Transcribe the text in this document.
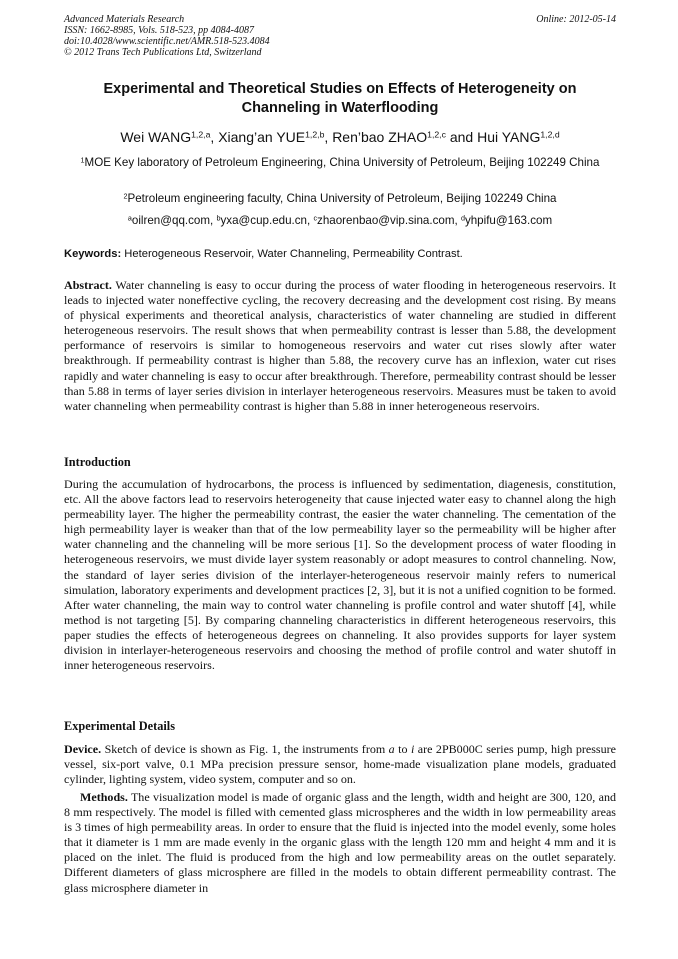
Advanced Materials Research
ISSN: 1662-8985, Vols. 518-523, pp 4084-4087
doi:10.4028/www.scientific.net/AMR.518-523.4084
© 2012 Trans Tech Publications Ltd, Switzerland
Online: 2012-05-14
Experimental and Theoretical Studies on Effects of Heterogeneity on Channeling in Waterflooding
Wei WANG$^{1,2,a}$, Xiang’an YUE$^{1,2,b}$, Ren’bao ZHAO$^{1,2,c}$ and Hui YANG$^{1,2,d}$
$^1$MOE Key laboratory of Petroleum Engineering, China University of Petroleum, Beijing 102249 China
$^2$Petroleum engineering faculty, China University of Petroleum, Beijing 102249 China
$^a$oilren@qq.com, $^b$yxa@cup.edu.cn, $^c$zhaorenbao@vip.sina.com, $^d$yhpifu@163.com
Keywords: Heterogeneous Reservoir, Water Channeling, Permeability Contrast.
Abstract. Water channeling is easy to occur during the process of water flooding in heterogeneous reservoirs. It leads to injected water noneffective cycling, the recovery decreasing and the development cost rising. By means of physical experiments and theoretical analysis, characteristics of water channeling are studied in different heterogeneous reservoirs. The result shows that when permeability contrast is lesser than 5.88, the development performance of reservoirs is similar to homogeneous reservoirs and water cut rises slowly after water breakthrough. If permeability contrast is higher than 5.88, the recovery curve has an inflexion, water cut rises rapidly and water channeling is easy to occur after breakthrough. Therefore, permeability contrast should be lesser than 5.88 in terms of layer series division in interlayer heterogeneous reservoirs. Measures must be taken to avoid water channeling when permeability contrast is higher than 5.88 in inner heterogeneous reservoirs.
Introduction
During the accumulation of hydrocarbons, the process is influenced by sedimentation, diagenesis, constitution, etc. All the above factors lead to reservoirs heterogeneity that cause injected water easy to channel along the high permeability layer. The higher the permeability contrast, the easier the water channeling. The cementation of the high permeability layer is weaker than that of the low permeability layer so the permeability will be higher after water channeling and the channeling will be more serious [1]. So the development process of water flooding in heterogeneous reservoirs, we must divide layer system reasonably or adopt measures to control channeling. Now, the standard of layer series division of the interlayer-heterogeneous reservoir mainly refers to numerical simulation, laboratory experiments and development practices [2, 3], but it is not a unified cognition to be formed. After water channeling, the main way to control water channeling is profile control and water shutoff [4], while method is not targeting [5]. By comparing channeling characteristics in different heterogeneous reservoirs, this paper studies the effects of heterogeneous degrees on channeling. It also provides supports for layer system division in interlayer-heterogeneous reservoirs and choosing the method of profile control and water shutoff in inner heterogeneous reservoirs.
Experimental Details
Device. Sketch of device is shown as Fig. 1, the instruments from a to i are 2PB000C series pump, high pressure vessel, six-port valve, 0.1 MPa precision pressure sensor, home-made visualization plane models, graduated cylinder, lighting system, video system, computer and so on.
Methods. The visualization model is made of organic glass and the length, width and height are 300, 120, and 8 mm respectively. The model is filled with cemented glass microspheres and the width in low permeability areas is 3 times of high permeability areas. In order to ensure that the fluid is injected into the model evenly, some holes that it diameter is 1 mm are made evenly in the organic glass with the length 120 mm and height 4 mm and it is placed on the inlet. The fluid is produced from the high and low permeability areas on the outlet separately. Different diameters of glass microsphere are filled in the models to obtain different permeability contrast. The glass microsphere diameter in
